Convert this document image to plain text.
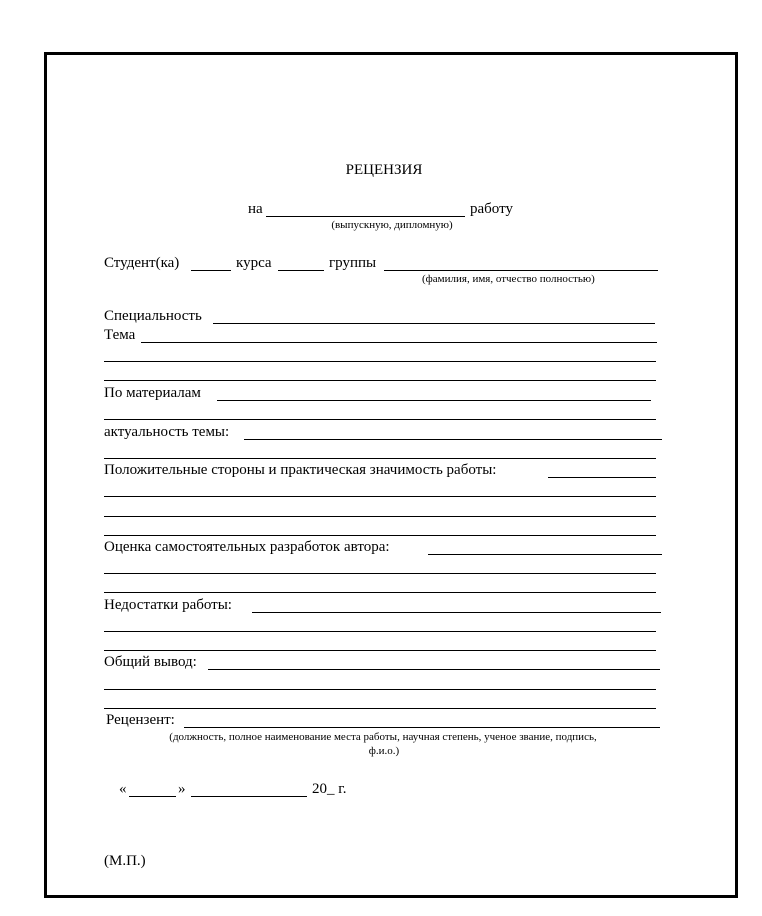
РЕЦЕНЗИЯ
на	работу
(выпускную, дипломную)
Студент(ка)	курса	группы
(фамилия, имя, отчество полностью)
Специальность
Тема
По материалам
актуальность темы:
Положительные стороны и практическая значимость работы:
Оценка самостоятельных разработок автора:
Недостатки работы:
Общий вывод:
Рецензент:
(должность, полное наименование места работы, научная степень, ученое звание, подпись,
ф.и.о.)
«	»	20_ г.
(М.П.)
